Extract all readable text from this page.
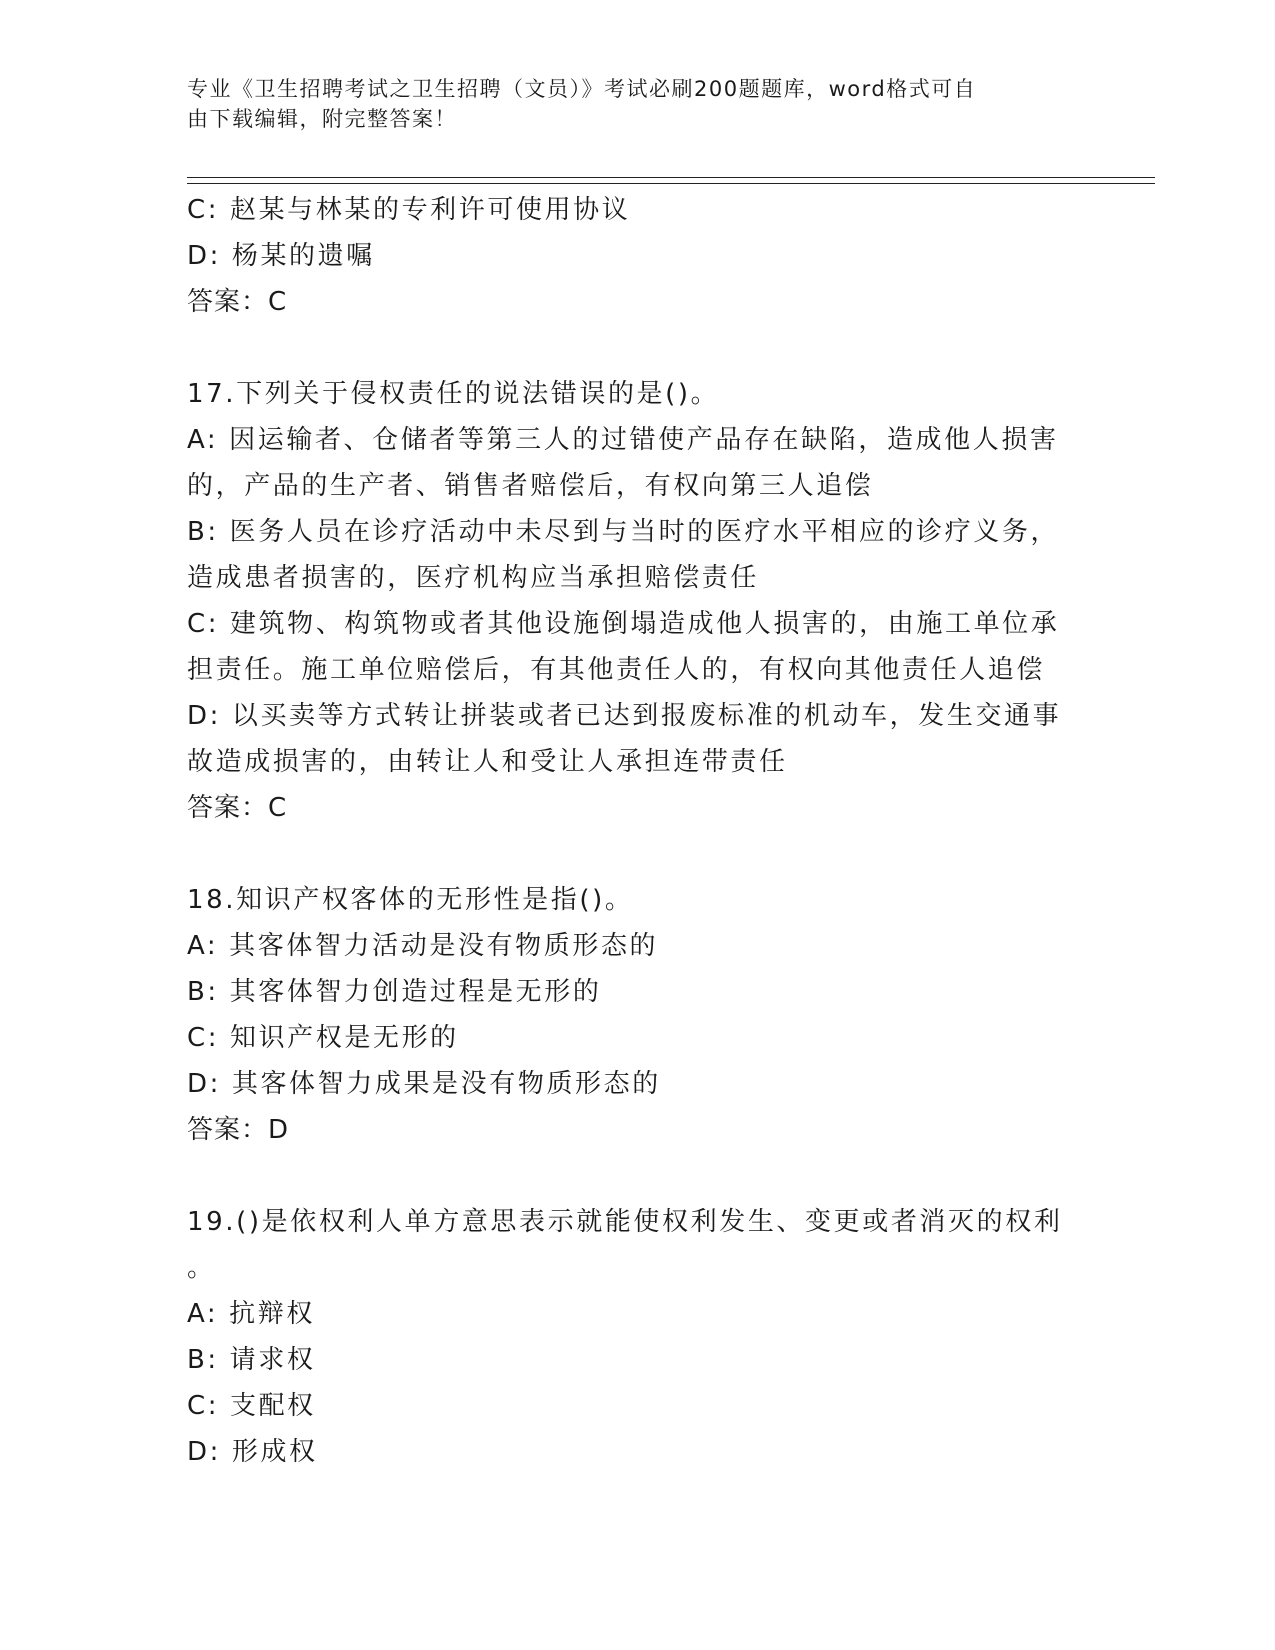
专业《卫生招聘考试之卫生招聘（文员）》考试必刷200题题库，word格式可自
由下载编辑，附完整答案！
C: 赵某与林某的专利许可使用协议
D: 杨某的遗嘱
答案：C
17.下列关于侵权责任的说法错误的是()。
A: 因运输者、仓储者等第三人的过错使产品存在缺陷，造成他人损害
的，产品的生产者、销售者赔偿后，有权向第三人追偿
B: 医务人员在诊疗活动中未尽到与当时的医疗水平相应的诊疗义务，
造成患者损害的，医疗机构应当承担赔偿责任
C: 建筑物、构筑物或者其他设施倒塌造成他人损害的，由施工单位承
担责任。施工单位赔偿后，有其他责任人的，有权向其他责任人追偿
D: 以买卖等方式转让拼装或者已达到报废标准的机动车，发生交通事
故造成损害的，由转让人和受让人承担连带责任
答案：C
18.知识产权客体的无形性是指()。
A: 其客体智力活动是没有物质形态的
B: 其客体智力创造过程是无形的
C: 知识产权是无形的
D: 其客体智力成果是没有物质形态的
答案：D
19.()是依权利人单方意思表示就能使权利发生、变更或者消灭的权利
。
A: 抗辩权
B: 请求权
C: 支配权
D: 形成权
